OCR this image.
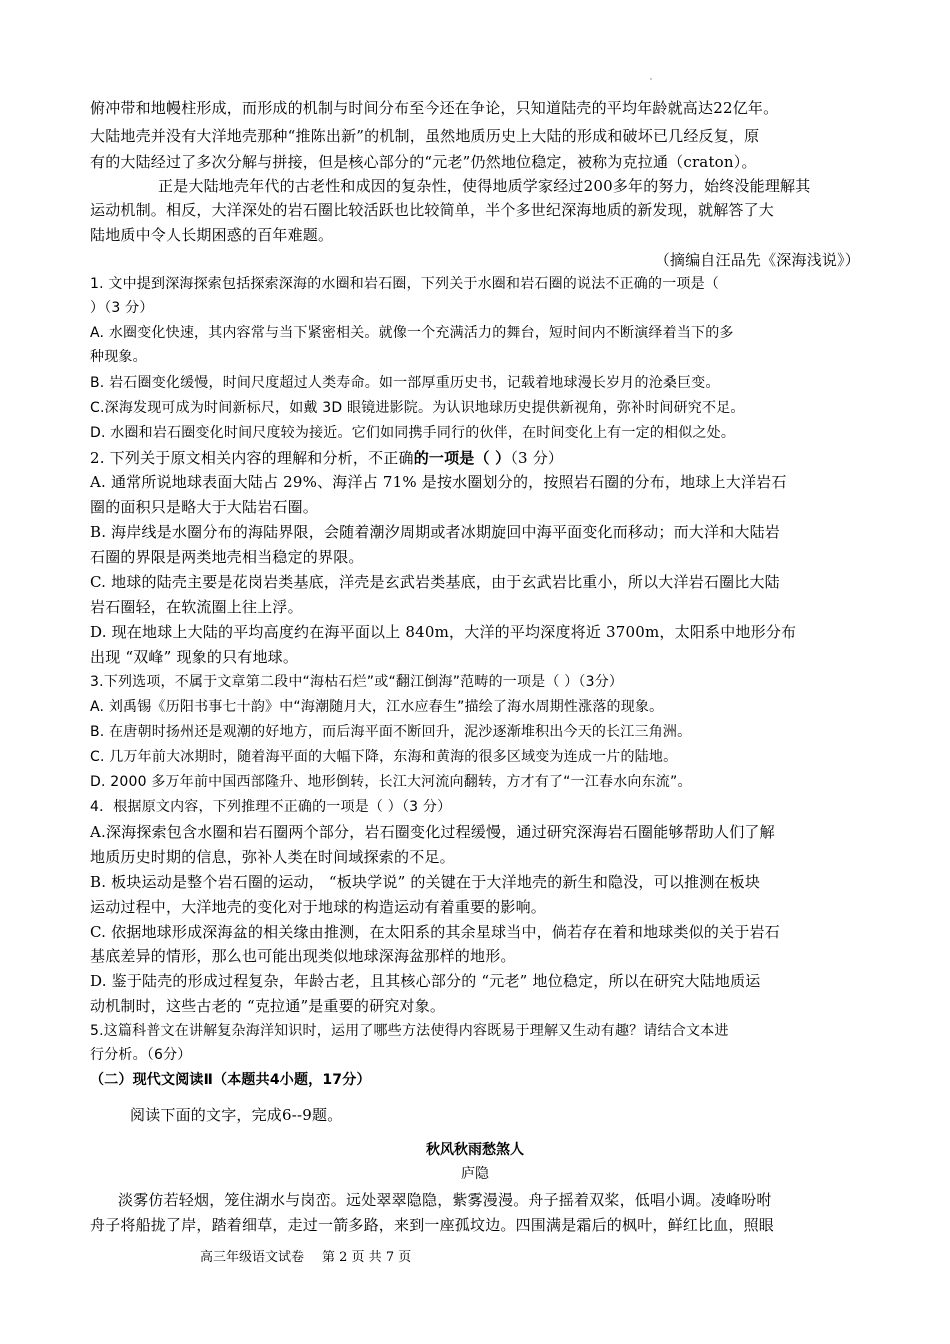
俯冲带和地幔柱形成，而形成的机制与时间分布至今还在争论，只知道陆壳的平均年龄就高达22亿年。
大陆地壳并没有大洋地壳那种“推陈出新”的机制，虽然地质历史上大陆的形成和破坏已几经反复，原
有的大陆经过了多次分解与拼接，但是核心部分的“元老”仍然地位稳定，被称为克拉通（craton）。
正是大陆地壳年代的古老性和成因的复杂性，使得地质学家经过200多年的努力，始终没能理解其
运动机制。相反，大洋深处的岩石圈比较活跃也比较简单，半个多世纪深海地质的新发现，就解答了大
陆地质中令人长期困惑的百年难题。
（摘编自汪品先《深海浅说》）
1. 文中提到深海探索包括探索深海的水圈和岩石圈，下列关于水圈和岩石圈的说法不正确的一项是（
）（3 分）
A. 水圈变化快速，其内容常与当下紧密相关。就像一个充满活力的舞台，短时间内不断演绎着当下的多
种现象。
B. 岩石圈变化缓慢，时间尺度超过人类寿命。如一部厚重历史书，记载着地球漫长岁月的沧桑巨变。
C.深海发现可成为时间新标尺，如戴 3D 眼镜进影院。为认识地球历史提供新视角，弥补时间研究不足。
D. 水圈和岩石圈变化时间尺度较为接近。它们如同携手同行的伙伴，在时间变化上有一定的相似之处。
2. 下列关于原文相关内容的理解和分析，不正确的一项是（ ）（3 分）
A. 通常所说地球表面大陆占 29%、海洋占 71% 是按水圈划分的，按照岩石圈的分布，地球上大洋岩石
圈的面积只是略大于大陆岩石圈。
B. 海岸线是水圈分布的海陆界限，会随着潮汐周期或者冰期旋回中海平面变化而移动；而大洋和大陆岩
石圈的界限是两类地壳相当稳定的界限。
C. 地球的陆壳主要是花岗岩类基底，洋壳是玄武岩类基底，由于玄武岩比重小，所以大洋岩石圈比大陆
岩石圈轻，在软流圈上往上浮。
D. 现在地球上大陆的平均高度约在海平面以上 840m，大洋的平均深度将近 3700m，太阳系中地形分布
出现 “双峰” 现象的只有地球。
3.下列选项，不属于文章第二段中“海枯石烂”或“翻江倒海”范畴的一项是（ ）（3分）
A. 刘禹锡《历阳书事七十韵》中“海潮随月大，江水应春生”描绘了海水周期性涨落的现象。
B. 在唐朝时扬州还是观潮的好地方，而后海平面不断回升，泥沙逐渐堆积出今天的长江三角洲。
C. 几万年前大冰期时，随着海平面的大幅下降，东海和黄海的很多区域变为连成一片的陆地。
D. 2000 多万年前中国西部隆升、地形倒转，长江大河流向翻转，方才有了“一江春水向东流”。
4．根据原文内容，下列推理不正确的一项是（ ）（3 分）
A.深海探索包含水圈和岩石圈两个部分，岩石圈变化过程缓慢，通过研究深海岩石圈能够帮助人们了解
地质历史时期的信息，弥补人类在时间域探索的不足。
B. 板块运动是整个岩石圈的运动， “板块学说” 的关键在于大洋地壳的新生和隐没，可以推测在板块
运动过程中，大洋地壳的变化对于地球的构造运动有着重要的影响。
C. 依据地球形成深海盆的相关缘由推测，在太阳系的其余星球当中，倘若存在着和地球类似的关于岩石
基底差异的情形，那么也可能出现类似地球深海盆那样的地形。
D. 鉴于陆壳的形成过程复杂，年龄古老，且其核心部分的 “元老” 地位稳定，所以在研究大陆地质运
动机制时，这些古老的 “克拉通”是重要的研究对象。
5.这篇科普文在讲解复杂海洋知识时，运用了哪些方法使得内容既易于理解又生动有趣？请结合文本进
行分析。（6分）
（二）现代文阅读Ⅱ（本题共4小题，17分）
阅读下面的文字，完成6--9题。
秋风秋雨愁煞人
庐隐
淡雾仿若轻烟，笼住湖水与岗峦。远处翠翠隐隐，紫雾漫漫。舟子摇着双桨，低唱小调。凌峰吩咐
舟子将船拢了岸，踏着细草，走过一箭多路，来到一座孤坟边。四围满是霜后的枫叶，鲜红比血，照眼
高三年级语文试卷 第 2 页 共 7 页
